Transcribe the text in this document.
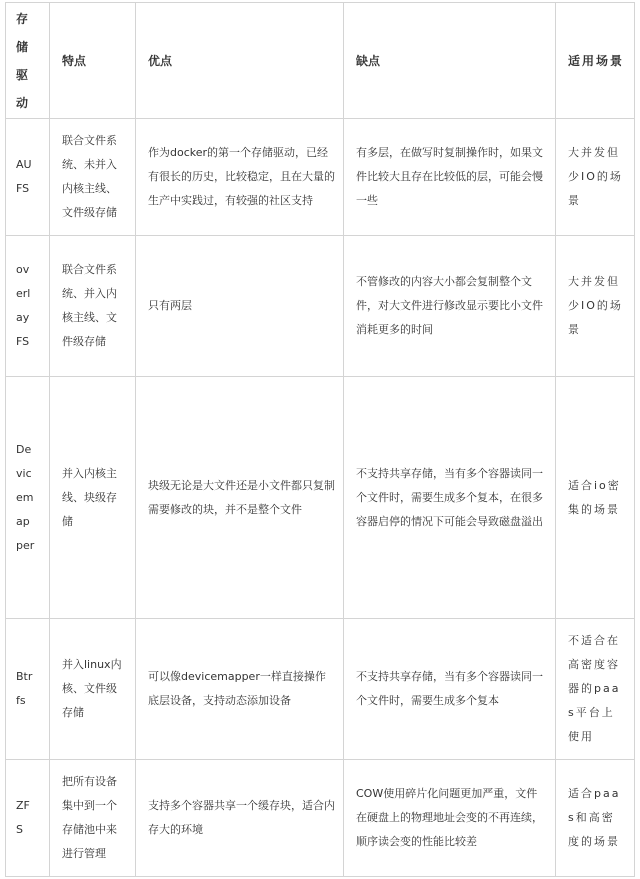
存储驱动	特点	优点	缺点	适用场景
AUFS	联合文件系统、未并入内核主线、文件级存储	作为docker的第一个存储驱动，已经有很长的历史，比较稳定，且在大量的生产中实践过，有较强的社区支持	有多层，在做写时复制操作时，如果文件比较大且存在比较低的层，可能会慢一些	大并发但少IO的场景
overlayFS	联合文件系统、并入内核主线、文件级存储	只有两层	不管修改的内容大小都会复制整个文件，对大文件进行修改显示要比小文件消耗更多的时间	大并发但少IO的场景
Devicemapper	并入内核主线、块级存储	块级无论是大文件还是小文件都只复制需要修改的块，并不是整个文件	不支持共享存储，当有多个容器读同一个文件时，需要生成多个复本，在很多容器启停的情况下可能会导致磁盘溢出	适合io密集的场景
Btrfs	并入linux内核、文件级存储	可以像devicemapper一样直接操作底层设备，支持动态添加设备	不支持共享存储，当有多个容器读同一个文件时，需要生成多个复本	不适合在高密度容器的paas平台上使用
ZFS	把所有设备集中到一个存储池中来进行管理	支持多个容器共享一个缓存块，适合内存大的环境	COW使用碎片化问题更加严重，文件在硬盘上的物理地址会变的不再连续，顺序读会变的性能比较差	适合paas和高密度的场景
